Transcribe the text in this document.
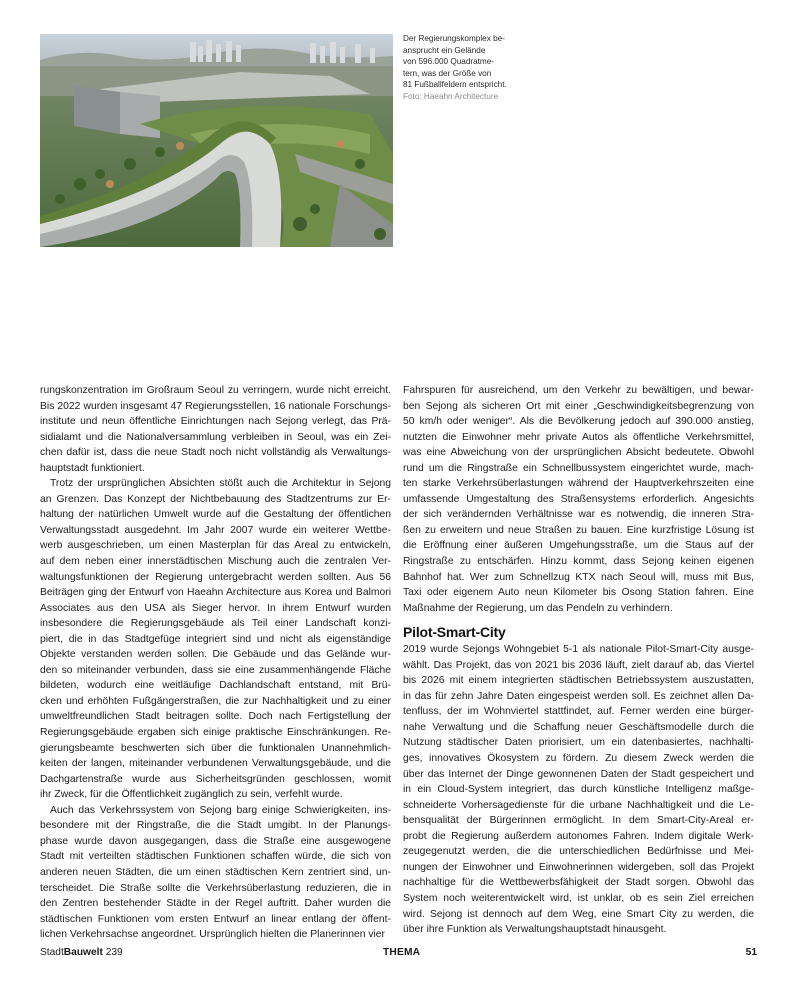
Der Regierungskomplex be-
ansprucht ein Gelände
von 596.000 Quadratme-
tern, was der Größe von
81 Fußballfeldern entspricht.
Foto: Haeahn Architecture
rungskonzentration im Großraum Seoul zu verringern, wurde nicht erreicht.
Bis 2022 wurden insgesamt 47 Regierungsstellen, 16 nationale Forschungs-
institute und neun öffentliche Einrichtungen nach Sejong verlegt, das Prä-
sidialamt und die Nationalversammlung verbleiben in Seoul, was ein Zei-
chen dafür ist, dass die neue Stadt noch nicht vollständig als Verwaltungs-
hauptstadt funktioniert.
Trotz der ursprünglichen Absichten stößt auch die Architektur in Sejong
an Grenzen. Das Konzept der Nichtbebauung des Stadtzentrums zur Er-
haltung der natürlichen Umwelt wurde auf die Gestaltung der öffentlichen
Verwaltungsstadt ausgedehnt. Im Jahr 2007 wurde ein weiterer Wettbe-
werb ausgeschrieben, um einen Masterplan für das Areal zu entwickeln,
auf dem neben einer innerstädtischen Mischung auch die zentralen Ver-
waltungsfunktionen der Regierung untergebracht werden sollten. Aus 56
Beiträgen ging der Entwurf von Haeahn Architecture aus Korea und Balmori
Associates aus den USA als Sieger hervor. In ihrem Entwurf wurden
insbesondere die Regierungsgebäude als Teil einer Landschaft konzi-
piert, die in das Stadtgefüge integriert sind und nicht als eigenständige
Objekte verstanden werden sollen. Die Gebäude und das Gelände wur-
den so miteinander verbunden, dass sie eine zusammenhängende Fläche
bildeten, wodurch eine weitläufige Dachlandschaft entstand, mit Brü-
cken und erhöhten Fußgängerstraßen, die zur Nachhaltigkeit und zu einer
umweltfreundlichen Stadt beitragen sollte. Doch nach Fertigstellung der
Regierungsgebäude ergaben sich einige praktische Einschränkungen. Re-
gierungsbeamte beschwerten sich über die funktionalen Unannehmlich-
keiten der langen, miteinander verbundenen Verwaltungsgebäude, und die
Dachgartenstraße wurde aus Sicherheitsgründen geschlossen, womit
ihr Zweck, für die Öffentlichkeit zugänglich zu sein, verfehlt wurde.
Auch das Verkehrssystem von Sejong barg einige Schwierigkeiten, ins-
besondere mit der Ringstraße, die die Stadt umgibt. In der Planungs-
phase wurde davon ausgegangen, dass die Straße eine ausgewogene
Stadt mit verteilten städtischen Funktionen schaffen würde, die sich von
anderen neuen Städten, die um einen städtischen Kern zentriert sind, un-
terscheidet. Die Straße sollte die Verkehrsüberlastung reduzieren, die in
den Zentren bestehender Städte in der Regel auftritt. Daher wurden die
städtischen Funktionen vom ersten Entwurf an linear entlang der öffent-
lichen Verkehrsachse angeordnet. Ursprünglich hielten die Planerinnen vier
Fahrspuren für ausreichend, um den Verkehr zu bewältigen, und bewar-
ben Sejong als sicheren Ort mit einer „Geschwindigkeitsbegrenzung von
50 km/h oder weniger“. Als die Bevölkerung jedoch auf 390.000 anstieg,
nutzten die Einwohner mehr private Autos als öffentliche Verkehrsmittel,
was eine Abweichung von der ursprünglichen Absicht bedeutete. Obwohl
rund um die Ringstraße ein Schnellbussystem eingerichtet wurde, mach-
ten starke Verkehrsüberlastungen während der Hauptverkehrszeiten eine
umfassende Umgestaltung des Straßensystems erforderlich. Angesichts
der sich verändernden Verhältnisse war es notwendig, die inneren Stra-
ßen zu erweitern und neue Straßen zu bauen. Eine kurzfristige Lösung ist
die Eröffnung einer äußeren Umgehungsstraße, um die Staus auf der
Ringstraße zu entschärfen. Hinzu kommt, dass Sejong keinen eigenen
Bahnhof hat. Wer zum Schnellzug KTX nach Seoul will, muss mit Bus,
Taxi oder eigenem Auto neun Kilometer bis Osong Station fahren. Eine
Maßnahme der Regierung, um das Pendeln zu verhindern.
Pilot-Smart-City
2019 wurde Sejongs Wohngebiet 5-1 als nationale Pilot-Smart-City ausge-
wählt. Das Projekt, das von 2021 bis 2036 läuft, zielt darauf ab, das Viertel
bis 2026 mit einem integrierten städtischen Betriebssystem auszustatten,
in das für zehn Jahre Daten eingespeist werden soll. Es zeichnet allen Da-
tenfluss, der im Wohnviertel stattfindet, auf. Ferner werden eine bürger-
nahe Verwaltung und die Schaffung neuer Geschäftsmodelle durch die
Nutzung städtischer Daten priorisiert, um ein datenbasiertes, nachhalti-
ges, innovatives Ökosystem zu fördern. Zu diesem Zweck werden die
über das Internet der Dinge gewonnenen Daten der Stadt gespeichert und
in ein Cloud-System integriert, das durch künstliche Intelligenz maßge-
schneiderte Vorhersagedienste für die urbane Nachhaltigkeit und die Le-
bensqualität der Bürgerinnen ermöglicht. In dem Smart-City-Areal er-
probt die Regierung außerdem autonomes Fahren. Indem digitale Werk-
zeugegenutzt werden, die die unterschiedlichen Bedürfnisse und Mei-
nungen der Einwohner und Einwohnerinnen widergeben, soll das Projekt
nachhaltige für die Wettbewerbsfähigkeit der Stadt sorgen. Obwohl das
System noch weiterentwickelt wird, ist unklar, ob es sein Ziel erreichen
wird. Sejong ist dennoch auf dem Weg, eine Smart City zu werden, die
über ihre Funktion als Verwaltungshauptstadt hinausgeht.
StadtBauwelt 239	THEMA	51
